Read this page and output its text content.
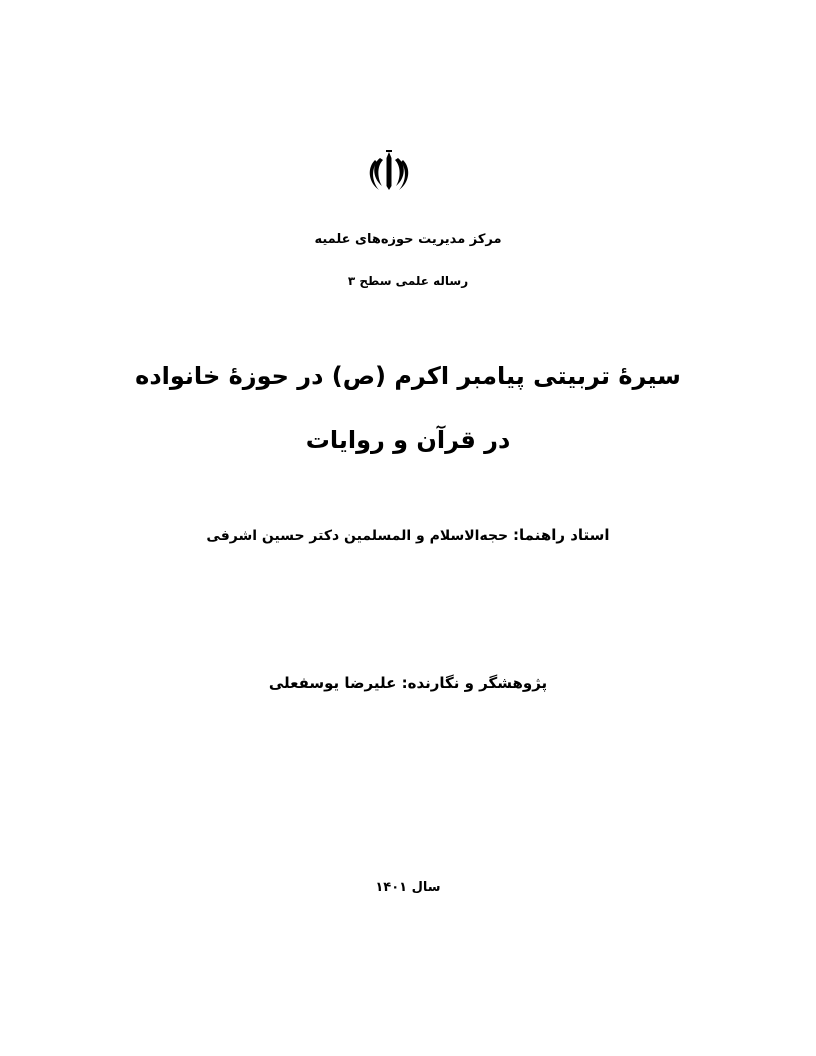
مرکز مدیریت حوزه‌های علمیه
رساله علمی سطح ۳
سیرهٔ تربیتی پیامبر اکرم (ص) در حوزهٔ خانواده
در قرآن و روایات
استاد راهنما: حجه‌الاسلام و المسلمین دکتر حسین اشرفی
پژوهشگر و نگارنده: علیرضا یوسفعلی
سال ۱۴۰۱
